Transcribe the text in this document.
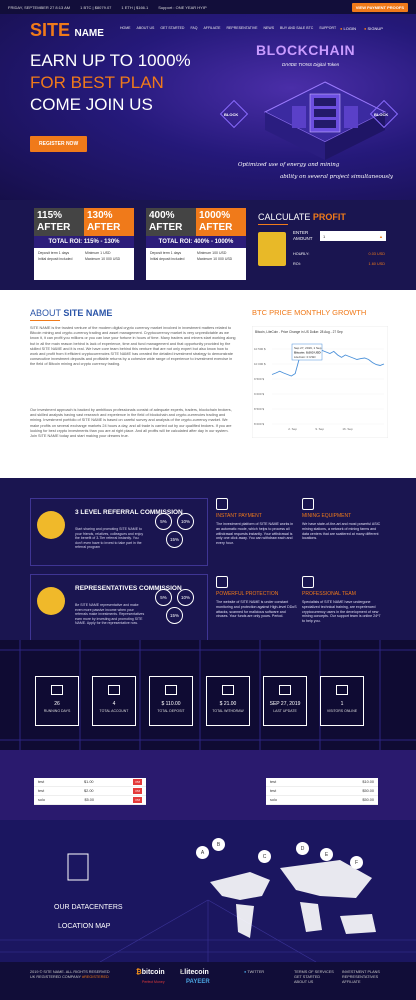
FRIDAY, SEPTEMBER 27 8:13 AM	1 BTC | $8079.07	1 ETH | $166.1	Support : ONE YEAR HYIP	VIEW PAYMENT PROOFS
SITE NAME	HOME ABOUT US GET STARTED FAQ AFFILIATE REPRESENTATIVE NEWS BUY AND SALE BTC SUPPORT ● LOGIN ● SIGNUP
EARN UP TO 1000%
FOR BEST PLAN
COME JOIN US
REGISTER NOW
BLOCKCHAIN
DIVIDE TIONS Digital Token
BLOCK	BLOCK
Optimized use of energy and mining
ability on several project simultaneously
115%
AFTER
130%
AFTER
TOTAL ROI: 115% - 130%
Deposit term 1 days	Minimum 1 USD
Initial deposit included	Maximum 10 000 USD
400%
AFTER
1000%
AFTER
TOTAL ROI: 400% - 1000%
Deposit term 1 days	Minimum 100 USD
Initial deposit included	Maximum 10 000 USD
CALCULATE PROFIT
ENTER AMOUNT	1	▲
HOURLY:	0.03 USD
ROI:	1.60 USD
ABOUT SITE NAME

SITE NAME is the trusted venture of the modern digital crypto currency market involved in investment matters related to Bitcoin mining and crypto-currency trading and asset management. Cryptocurrency market is very unpredictable as we know it, it can profit you millions or you can lose your fortune in hours of time. Many traders and miners start working along but in all the main reason behind is lack of experience, time and fund management and that opportunity provided by the skilled SITE NAME and it is real. We have core team behind this venture that are not only expert but also know how to work and profit from it efficient cryptocurrencies SITE NAME has created the detailed investment strategy to demonstrate consecutive investment deposits and profitable returns by a cohesive wide range of experience to investment exercise in the field of Bitcoin mining and crypto currency trading.

Our investment approach is backed by ambitious professionals consist of adequate experts, traders, blockchain brokers, and skilled analysts having vast research and experience in the field of blockchain and crypto-currencies trading and mining. Investment portfolio of SITE NAME is based on careful survey and analysis of the crypto-currency market. We make profits on several exchange markets 24 hours a day, and all trade is carried out by our qualified brokers. If you are looking for best crypto investments than you are at right place. And all profits will be calculated after day in our system. Join SITE NAME today and start making your dreams true.

BTC PRICE MONTHLY GROWTH
Bitcoin, LiteCoin - Price Change in US Dollar: 28 Aug - 27 Sep
10 500 $
10 000 $
9 500 $
9 000 $
8 500 $
8 000 $
2. Sep	9. Sep	16. Sep
Sep 27, 2019, 1 Sep
Bitcoin: 8,003 USD
LiteCoin: 0 USD
3 LEVEL REFERRAL COMMISSION
Start sharing and promoting SITE NAME to your friends, relatives, colleagues and enjoy the benefit of 3-Tier referral instantly. You don't even have to invest to take part in the referral program
5%	10%
15%
REPRESENTATIVES COMMISSION
Be SITE NAME representative and make even more passive income when your referrals make investments. Representatives earn more by investing and promoting SITE NAME. Apply for the representative now.
5%	10%
15%
INSTANT PAYMENT
The investment platform of SITE NAME works in an automatic mode, which helps to process all withdrawal requests instantly. Your withdrawal is only one click away. You can withdraw each and every hour.
MINING EQUIPMENT
We have state-of-the-art and most powerful ASIC mining stations, a network of mining farms and data centers that are scattered at many different locations.
POWERFUL PROTECTION
The website of SITE NAME is under constant monitoring and protection against High-level DDoS attacks, scanned for malicious software and viruses. Your funds are only yours. Period.
PROFESSIONAL TEAM
Specialists of SITE NAME have undergone specialized technical training, are experienced cryptocurrency users in the development of new mining concepts. Our support team is online 24*7 to help you.
26
RUNNING DAYS
4
TOTAL ACCOUNT
$ 110.00
TOTAL DEPOSIT
$ 21.00
TOTAL WITHDRAW
SEP 27, 2019
LAST UPDATE
1
VISITORS ONLINE
test	$1.00	PM
test	$2.00	PM
solo	$5.00	PM
test	$10.00
test	$50.00
solo	$50.00
A
B
C
D
E
F
OUR DATACENTERS
LOCATION MAP
2019 © SITE NAME. ALL RIGHTS RESERVED
UK REGISTERED COMPANY #REGISTERED
₿bitcoin
Perfect Money
Łlitecoin
PAYEER
● TWITTER	TERMS OF SERVICES
GET STARTED
ABOUT US
INVESTMENT PLANS
REPRESENTATIVES
AFFILIATE
